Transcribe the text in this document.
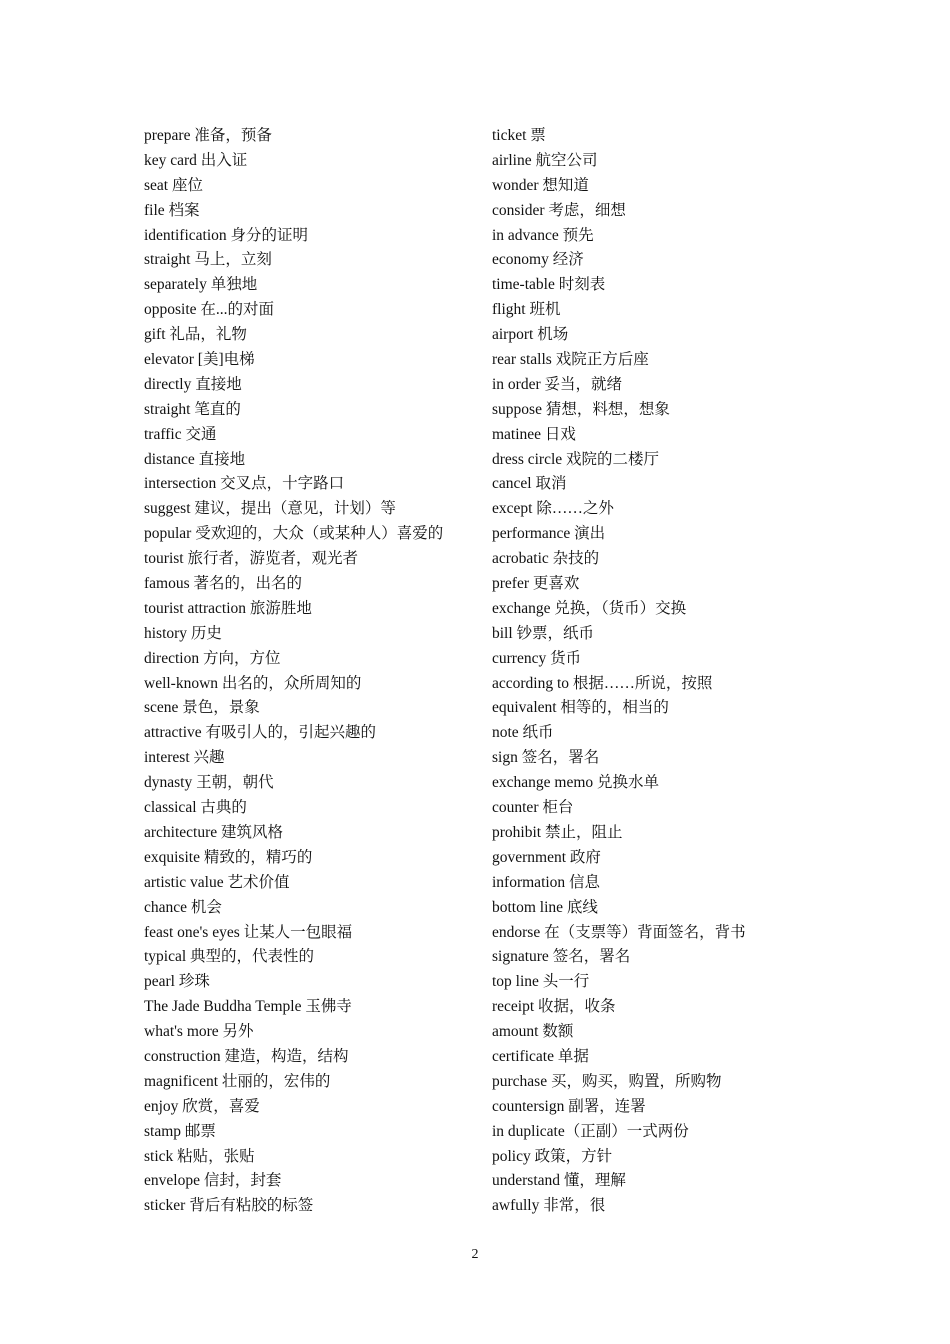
prepare 准备，预备
key card 出入证
seat 座位
file 档案
identification 身分的证明
straight 马上，立刻
separately 单独地
opposite 在...的对面
gift 礼品，礼物
elevator [美]电梯
directly 直接地
straight 笔直的
traffic 交通
distance 直接地
intersection 交叉点，十字路口
suggest 建议，提出（意见，计划）等
popular 受欢迎的，大众（或某种人）喜爱的
tourist 旅行者，游览者，观光者
famous 著名的，出名的
tourist attraction 旅游胜地
history 历史
direction 方向，方位
well-known 出名的，众所周知的
scene 景色，景象
attractive 有吸引人的，引起兴趣的
interest 兴趣
dynasty 王朝，朝代
classical 古典的
architecture 建筑风格
exquisite 精致的，精巧的
artistic value 艺术价值
chance 机会
feast one's eyes 让某人一包眼福
typical 典型的，代表性的
pearl 珍珠
The Jade Buddha Temple 玉佛寺
what's more 另外
construction 建造，构造，结构
magnificent 壮丽的，宏伟的
enjoy 欣赏，喜爱
stamp 邮票
stick 粘贴，张贴
envelope 信封，封套
sticker 背后有粘胶的标签
ticket 票
airline 航空公司
wonder 想知道
consider 考虑，细想
in advance 预先
economy 经济
time-table 时刻表
flight 班机
airport 机场
rear stalls 戏院正方后座
in order 妥当，就绪
suppose 猜想，料想，想象
matinee 日戏
dress circle 戏院的二楼厅
cancel 取消
except 除……之外
performance 演出
acrobatic 杂技的
prefer 更喜欢
exchange 兑换，（货币）交换
bill 钞票，纸币
currency 货币
according to 根据……所说，按照
equivalent 相等的，相当的
note 纸币
sign 签名，署名
exchange memo 兑换水单
counter 柜台
prohibit 禁止，阻止
government 政府
information 信息
bottom line 底线
endorse 在（支票等）背面签名，背书
signature 签名，署名
top line 头一行
receipt 收据，收条
amount 数额
certificate 单据
purchase 买，购买，购置，所购物
countersign 副署，连署
in duplicate（正副）一式两份
policy 政策，方针
understand 懂，理解
awfully 非常，很
2
